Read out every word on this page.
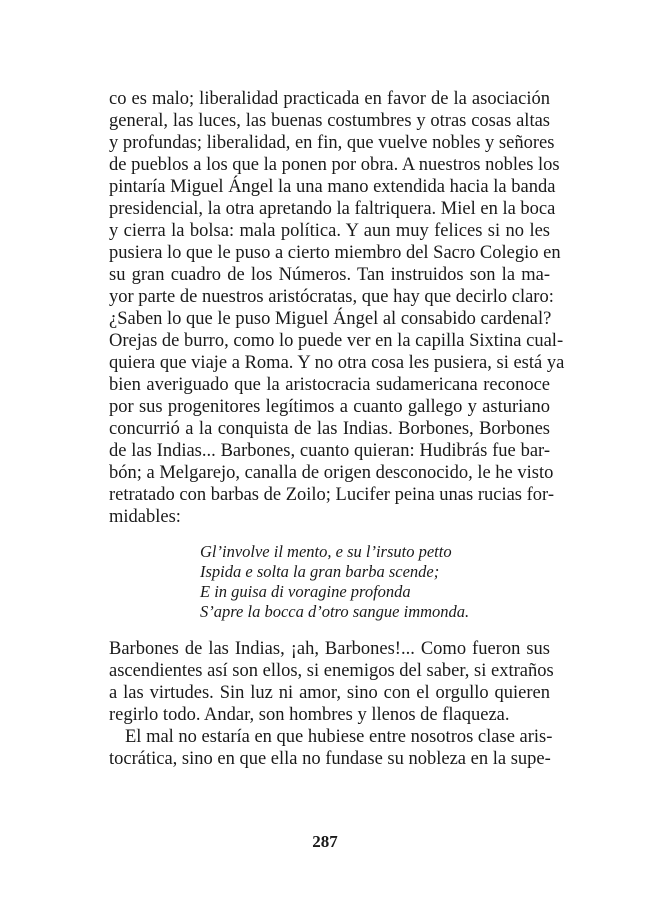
co es malo; liberalidad practicada en favor de la asociación
general, las luces, las buenas costumbres y otras cosas altas
y profundas; liberalidad, en fin, que vuelve nobles y señores
de pueblos a los que la ponen por obra. A nuestros nobles los
pintaría Miguel Ángel la una mano extendida hacia la banda
presidencial, la otra apretando la faltriquera. Miel en la boca
y cierra la bolsa: mala política. Y aun muy felices si no les
pusiera lo que le puso a cierto miembro del Sacro Colegio en
su gran cuadro de los Números. Tan instruidos son la ma-
yor parte de nuestros aristócratas, que hay que decirlo claro:
¿Saben lo que le puso Miguel Ángel al consabido cardenal?
Orejas de burro, como lo puede ver en la capilla Sixtina cual-
quiera que viaje a Roma. Y no otra cosa les pusiera, si está ya
bien averiguado que la aristocracia sudamericana reconoce
por sus progenitores legítimos a cuanto gallego y asturiano
concurrió a la conquista de las Indias. Borbones, Borbones
de las Indias... Barbones, cuanto quieran: Hudibrás fue bar-
bón; a Melgarejo, canalla de origen desconocido, le he visto
retratado con barbas de Zoilo; Lucifer peina unas rucias for-
midables:
Gl’involve il mento, e su l’irsuto petto
Ispida e solta la gran barba scende;
E in guisa di voragine profonda
S’apre la bocca d’otro sangue immonda.
Barbones de las Indias, ¡ah, Barbones!... Como fueron sus
ascendientes así son ellos, si enemigos del saber, si extraños
a las virtudes. Sin luz ni amor, sino con el orgullo quieren
regirlo todo. Andar, son hombres y llenos de flaqueza.
El mal no estaría en que hubiese entre nosotros clase aris-
tocrática, sino en que ella no fundase su nobleza en la supe-
287
